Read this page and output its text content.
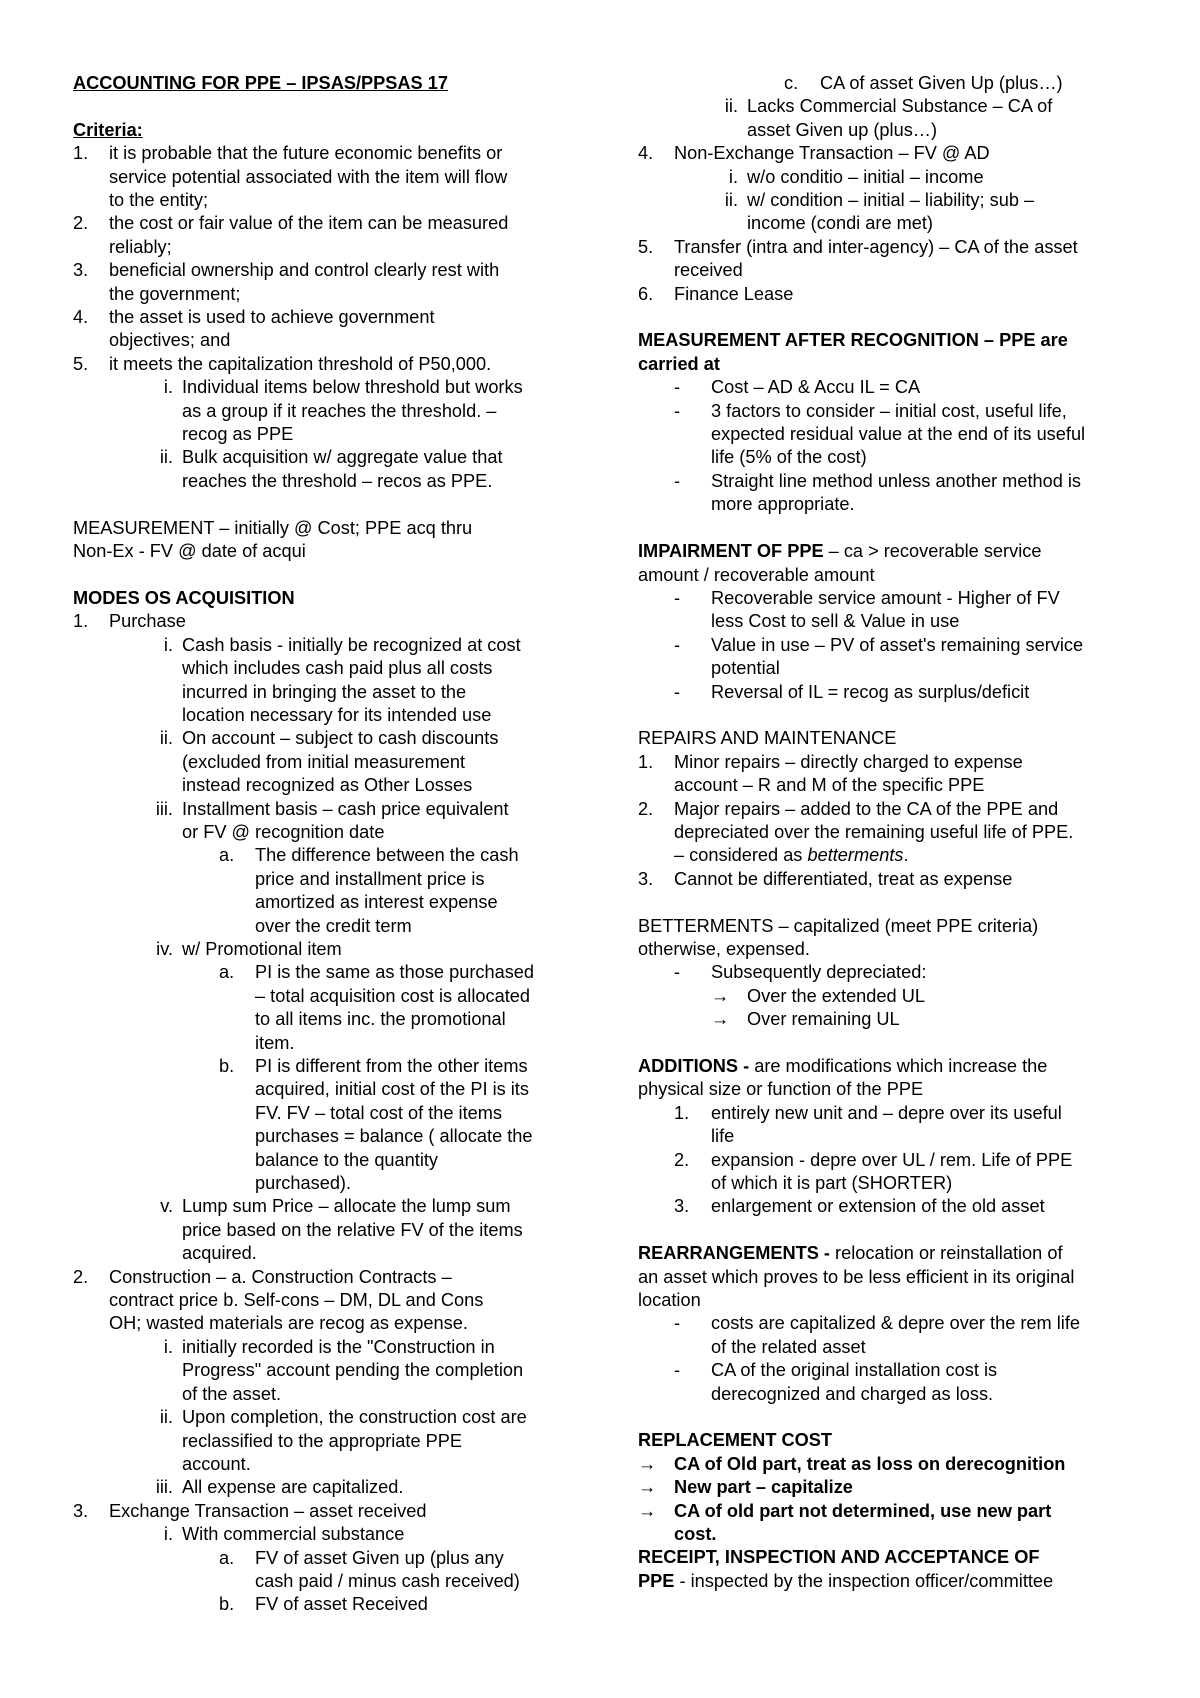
ACCOUNTING FOR PPE – IPSAS/PPSAS 17
Criteria:
1. it is probable that the future economic benefits or
service potential associated with the item will flow
to the entity;
2. the cost or fair value of the item can be measured
reliably;
3. beneficial ownership and control clearly rest with
the government;
4. the asset is used to achieve government
objectives; and
5. it meets the capitalization threshold of P50,000.
i. Individual items below threshold but works
as a group if it reaches the threshold. –
recog as PPE
ii. Bulk acquisition w/ aggregate value that
reaches the threshold – recos as PPE.
MEASUREMENT – initially @ Cost; PPE acq thru
Non-Ex - FV @ date of acqui
MODES OS ACQUISITION
1. Purchase
i. Cash basis - initially be recognized at cost
which includes cash paid plus all costs
incurred in bringing the asset to the
location necessary for its intended use
ii. On account – subject to cash discounts
(excluded from initial measurement
instead recognized as Other Losses
iii. Installment basis – cash price equivalent
or FV @ recognition date
a. The difference between the cash
price and installment price is
amortized as interest expense
over the credit term
iv. w/ Promotional item
a. PI is the same as those purchased
– total acquisition cost is allocated
to all items inc. the promotional
item.
b. PI is different from the other items
acquired, initial cost of the PI is its
FV. FV – total cost of the items
purchases = balance ( allocate the
balance to the quantity
purchased).
v. Lump sum Price – allocate the lump sum
price based on the relative FV of the items
acquired.
2. Construction – a. Construction Contracts –
contract price b. Self-cons – DM, DL and Cons
OH; wasted materials are recog as expense.
i. initially recorded is the "Construction in
Progress" account pending the completion
of the asset.
ii. Upon completion, the construction cost are
reclassified to the appropriate PPE
account.
iii. All expense are capitalized.
3. Exchange Transaction – asset received
i. With commercial substance
a. FV of asset Given up (plus any
cash paid / minus cash received)
b. FV of asset Received
c. CA of asset Given Up (plus…)
ii. Lacks Commercial Substance – CA of
asset Given up (plus…)
4. Non-Exchange Transaction – FV @ AD
i. w/o conditio – initial – income
ii. w/ condition – initial – liability; sub –
income (condi are met)
5. Transfer (intra and inter-agency) – CA of the asset
received
6. Finance Lease
MEASUREMENT AFTER RECOGNITION – PPE are
carried at
- Cost – AD & Accu IL = CA
- 3 factors to consider – initial cost, useful life,
expected residual value at the end of its useful
life (5% of the cost)
- Straight line method unless another method is
more appropriate.
IMPAIRMENT OF PPE – ca > recoverable service
amount / recoverable amount
- Recoverable service amount - Higher of FV
less Cost to sell & Value in use
- Value in use – PV of asset's remaining service
potential
- Reversal of IL = recog as surplus/deficit
REPAIRS AND MAINTENANCE
1. Minor repairs – directly charged to expense
account – R and M of the specific PPE
2. Major repairs – added to the CA of the PPE and
depreciated over the remaining useful life of PPE.
– considered as betterments.
3. Cannot be differentiated, treat as expense
BETTERMENTS – capitalized (meet PPE criteria)
otherwise, expensed.
- Subsequently depreciated:
→ Over the extended UL
→ Over remaining UL
ADDITIONS - are modifications which increase the
physical size or function of the PPE
1. entirely new unit and – depre over its useful
life
2. expansion - depre over UL / rem. Life of PPE
of which it is part (SHORTER)
3. enlargement or extension of the old asset
REARRANGEMENTS - relocation or reinstallation of
an asset which proves to be less efficient in its original
location
- costs are capitalized & depre over the rem life
of the related asset
- CA of the original installation cost is
derecognized and charged as loss.
REPLACEMENT COST
→ CA of Old part, treat as loss on derecognition
→ New part – capitalize
→ CA of old part not determined, use new part
cost.
RECEIPT, INSPECTION AND ACCEPTANCE OF
PPE - inspected by the inspection officer/committee
